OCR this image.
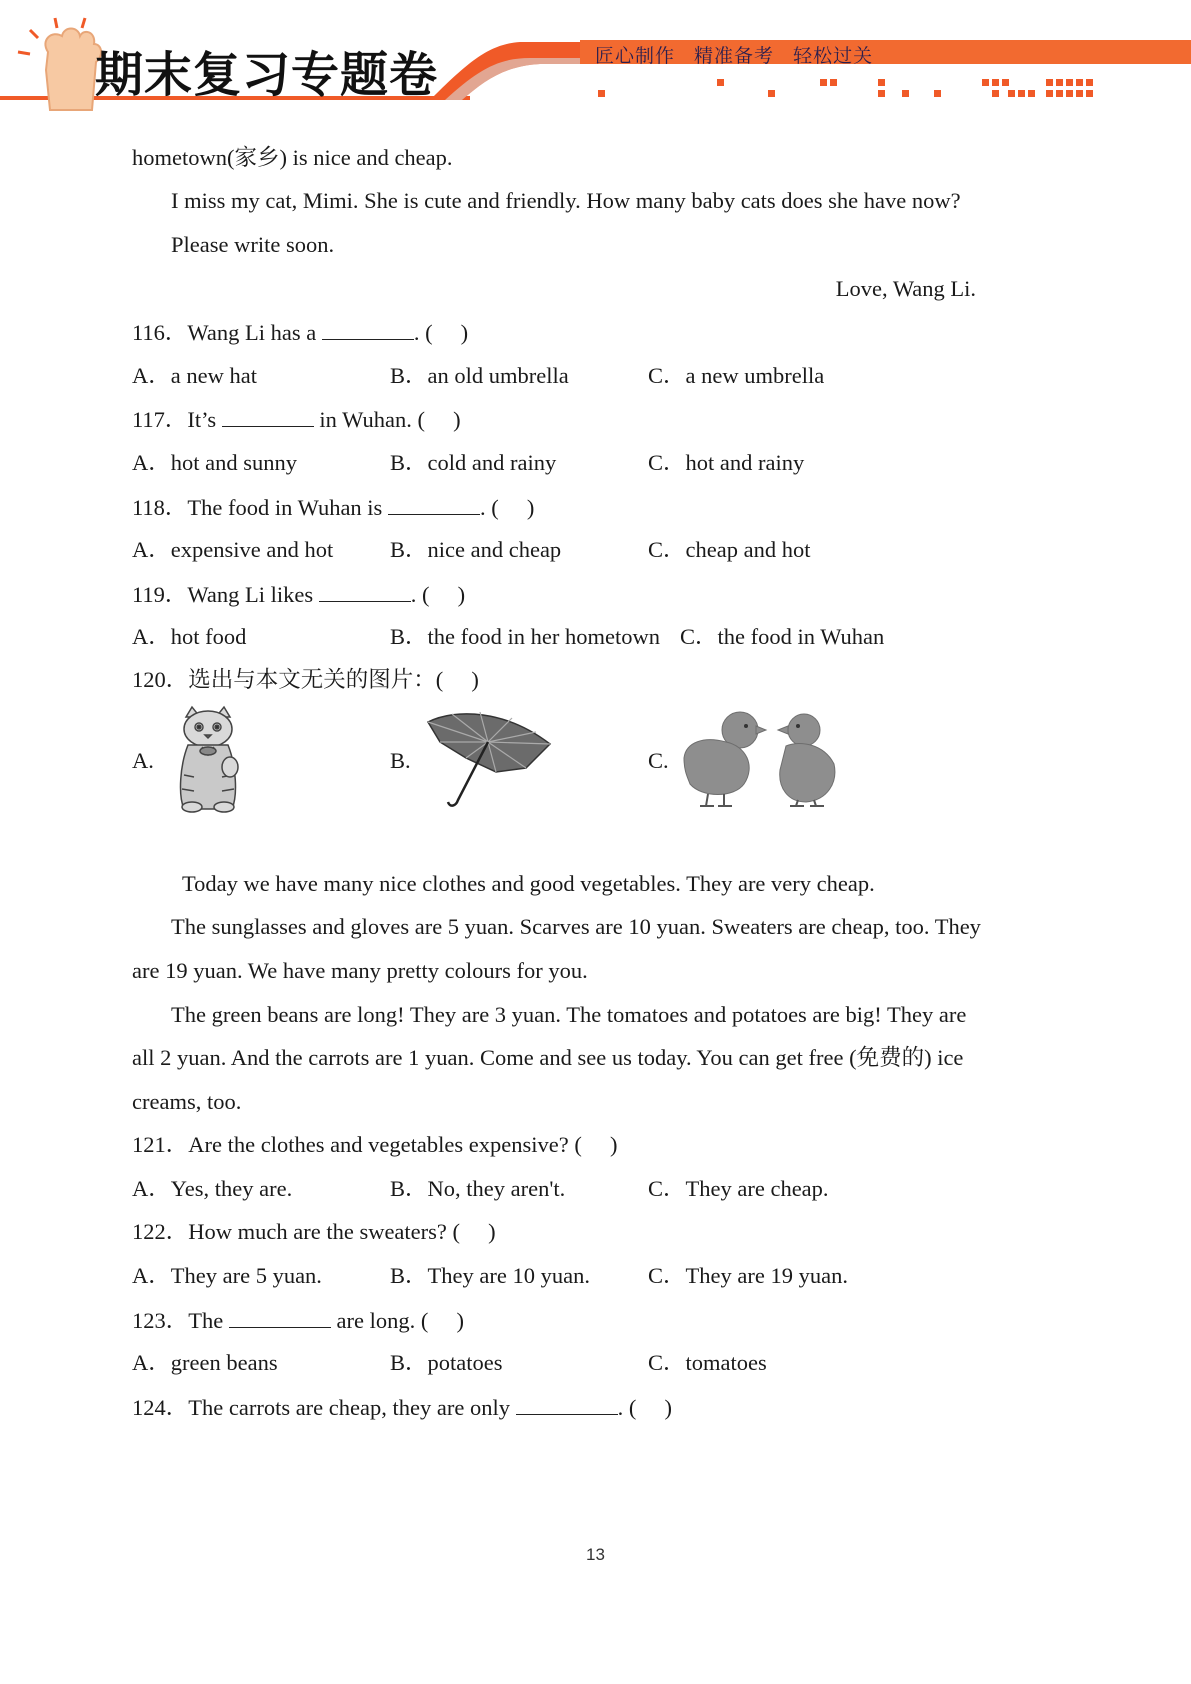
期末复习专题卷	匠心制作 精准备考 轻松过关
hometown(家乡) is nice and cheap.
I miss my cat, Mimi. She is cute and friendly. How many baby cats does she have now?
Please write soon.
Love, Wang Li.
116．Wang Li has a	. (　 )
A．a new hat	B．an old umbrella	C．a new umbrella
117．It’s	in Wuhan. (　 )
A．hot and sunny	B．cold and rainy	C．hot and rainy
118．The food in Wuhan is	. (　 )
A．expensive and hot	B．nice and cheap	C．cheap and hot
119．Wang Li likes	. (　 )
A．hot food	B．the food in her hometown C．the food in Wuhan
120．选出与本文无关的图片：(　 )
A.	B.	C.
Today we have many nice clothes and good vegetables. They are very cheap.
The sunglasses and gloves are 5 yuan. Scarves are 10 yuan. Sweaters are cheap, too. They
are 19 yuan. We have many pretty colours for you.
The green beans are long! They are 3 yuan. The tomatoes and potatoes are big! They are
all 2 yuan. And the carrots are 1 yuan. Come and see us today. You can get free (免费的) ice
creams, too.
121．Are the clothes and vegetables expensive? (　 )
A．Yes, they are.	B．No, they aren't.	C．They are cheap.
122．How much are the sweaters? (　 )
A．They are 5 yuan.	B．They are 10 yuan.	C．They are 19 yuan.
123．The	are long. (　 )
A．green beans	B．potatoes	C．tomatoes
124．The carrots are cheap, they are only	. (　 )
13
